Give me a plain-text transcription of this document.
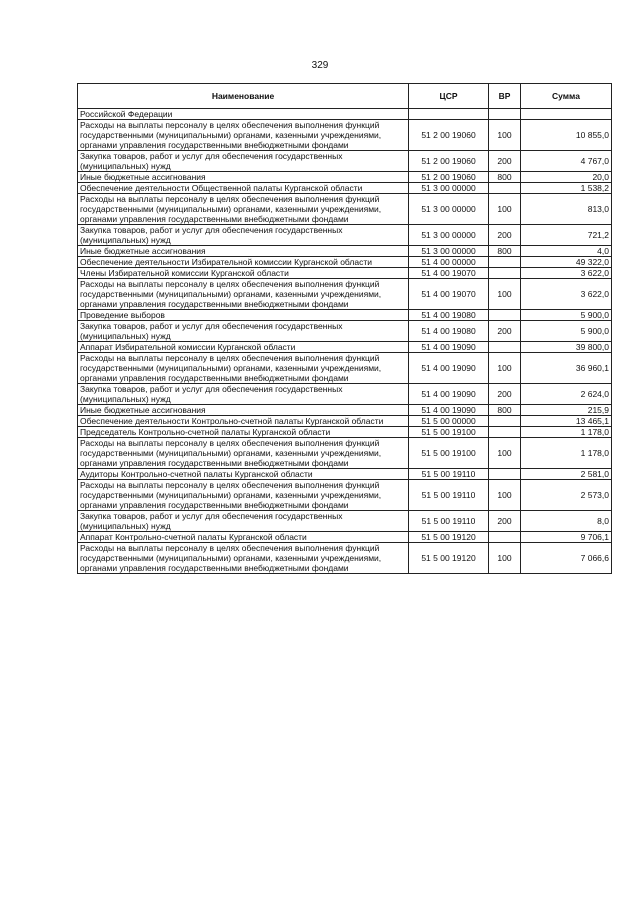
329
Наименование	ЦСР	ВР	Сумма
Российской Федерации			
Расходы на выплаты персоналу в целях обеспечения выполнения функций государственными (муниципальными) органами, казенными учреждениями, органами управления государственными внебюджетными фондами	51 2 00 19060	100	10 855,0
Закупка товаров, работ и услуг для обеспечения государственных (муниципальных) нужд	51 2 00 19060	200	4 767,0
Иные бюджетные ассигнования	51 2 00 19060	800	20,0
Обеспечение деятельности Общественной палаты Курганской области	51 3 00 00000		1 538,2
Расходы на выплаты персоналу в целях обеспечения выполнения функций государственными (муниципальными) органами, казенными учреждениями, органами управления государственными внебюджетными фондами	51 3 00 00000	100	813,0
Закупка товаров, работ и услуг для обеспечения государственных (муниципальных) нужд	51 3 00 00000	200	721,2
Иные бюджетные ассигнования	51 3 00 00000	800	4,0
Обеспечение деятельности Избирательной комиссии Курганской области	51 4 00 00000		49 322,0
Члены Избирательной комиссии Курганской области	51 4 00 19070		3 622,0
Расходы на выплаты персоналу в целях обеспечения выполнения функций государственными (муниципальными) органами, казенными учреждениями, органами управления государственными внебюджетными фондами	51 4 00 19070	100	3 622,0
Проведение выборов	51 4 00 19080		5 900,0
Закупка товаров, работ и услуг для обеспечения государственных (муниципальных) нужд	51 4 00 19080	200	5 900,0
Аппарат Избирательной комиссии Курганской области	51 4 00 19090		39 800,0
Расходы на выплаты персоналу в целях обеспечения выполнения функций государственными (муниципальными) органами, казенными учреждениями, органами управления государственными внебюджетными фондами	51 4 00 19090	100	36 960,1
Закупка товаров, работ и услуг для обеспечения государственных (муниципальных) нужд	51 4 00 19090	200	2 624,0
Иные бюджетные ассигнования	51 4 00 19090	800	215,9
Обеспечение деятельности Контрольно-счетной палаты Курганской области	51 5 00 00000		13 465,1
Председатель Контрольно-счетной палаты Курганской области	51 5 00 19100		1 178,0
Расходы на выплаты персоналу в целях обеспечения выполнения функций государственными (муниципальными) органами, казенными учреждениями, органами управления государственными внебюджетными фондами	51 5 00 19100	100	1 178,0
Аудиторы Контрольно-счетной палаты Курганской области	51 5 00 19110		2 581,0
Расходы на выплаты персоналу в целях обеспечения выполнения функций государственными (муниципальными) органами, казенными учреждениями, органами управления государственными внебюджетными фондами	51 5 00 19110	100	2 573,0
Закупка товаров, работ и услуг для обеспечения государственных (муниципальных) нужд	51 5 00 19110	200	8,0
Аппарат Контрольно-счетной палаты Курганской области	51 5 00 19120		9 706,1
Расходы на выплаты персоналу в целях обеспечения выполнения функций государственными (муниципальными) органами, казенными учреждениями, органами управления государственными внебюджетными фондами	51 5 00 19120	100	7 066,6
